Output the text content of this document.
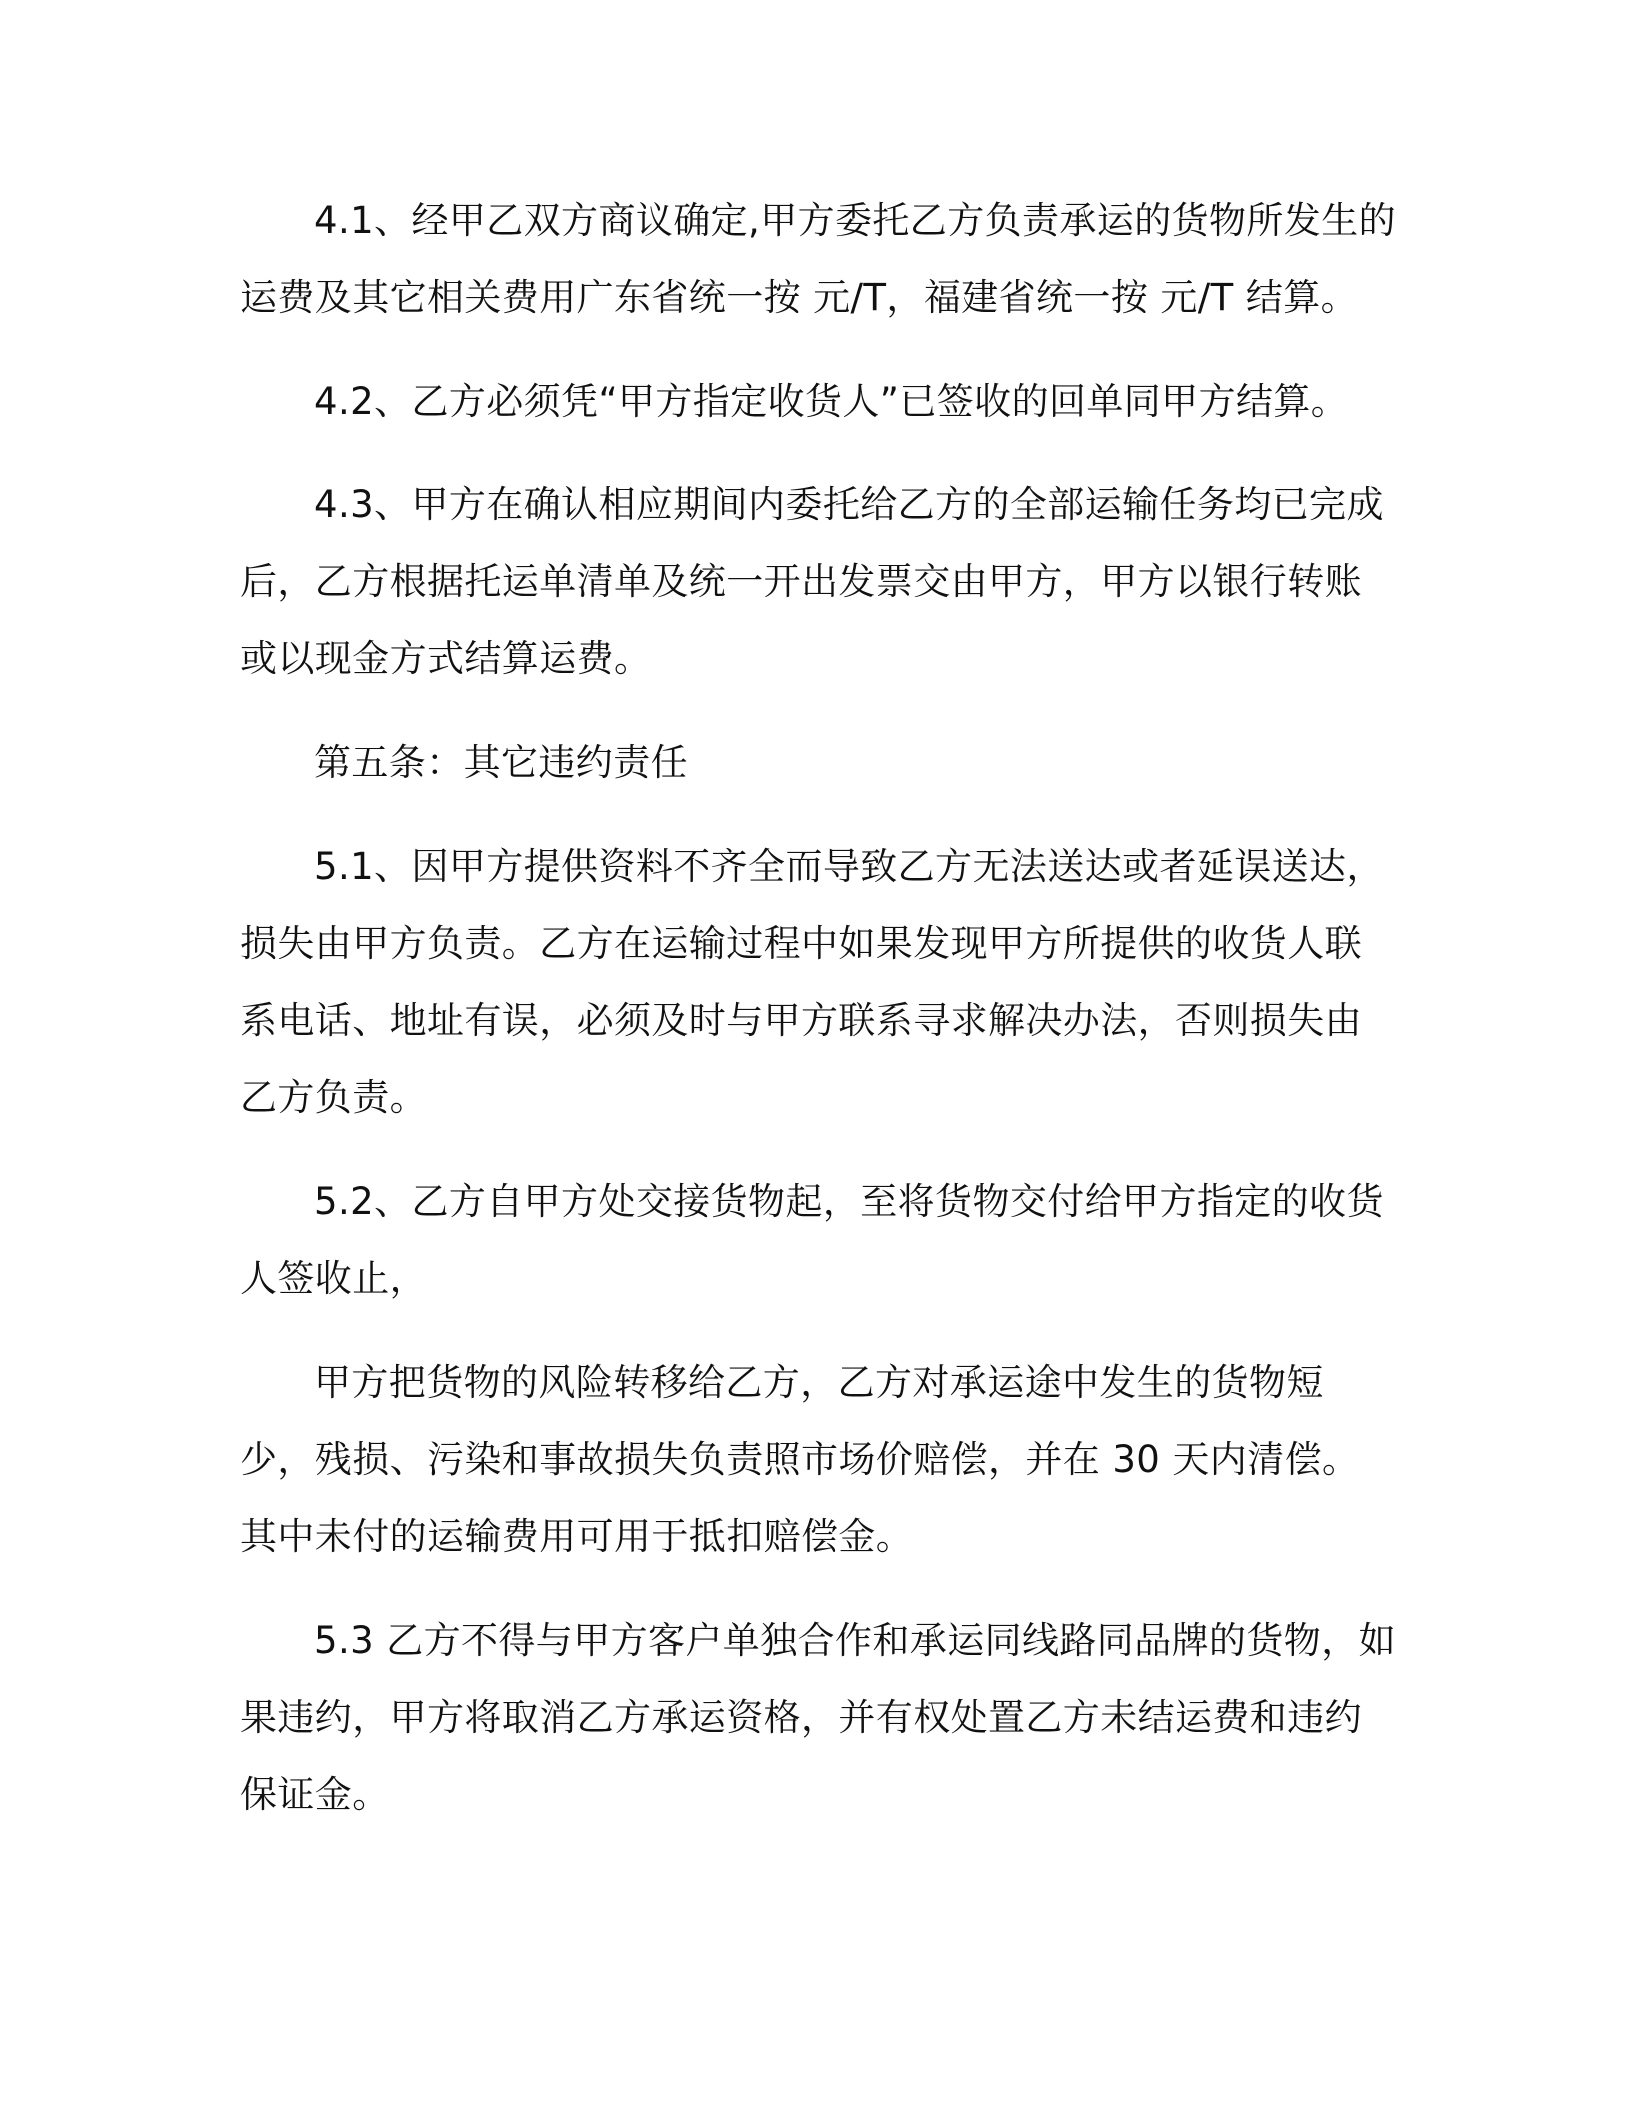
4.1、经甲乙双方商议确定,甲方委托乙方负责承运的货物所发生的运费及其它相关费用广东省统一按 元/T，福建省统一按 元/T 结算。

4.2、乙方必须凭“甲方指定收货人”已签收的回单同甲方结算。

4.3、甲方在确认相应期间内委托给乙方的全部运输任务均已完成后，乙方根据托运单清单及统一开出发票交由甲方，甲方以银行转账或以现金方式结算运费。

第五条：其它违约责任

5.1、因甲方提供资料不齐全而导致乙方无法送达或者延误送达，损失由甲方负责。乙方在运输过程中如果发现甲方所提供的收货人联系电话、地址有误，必须及时与甲方联系寻求解决办法，否则损失由乙方负责。

5.2、乙方自甲方处交接货物起，至将货物交付给甲方指定的收货人签收止，

甲方把货物的风险转移给乙方，乙方对承运途中发生的货物短少，残损、污染和事故损失负责照市场价赔偿，并在 30 天内清偿。其中未付的运输费用可用于抵扣赔偿金。

5.3 乙方不得与甲方客户单独合作和承运同线路同品牌的货物，如果违约，甲方将取消乙方承运资格，并有权处置乙方未结运费和违约保证金。
